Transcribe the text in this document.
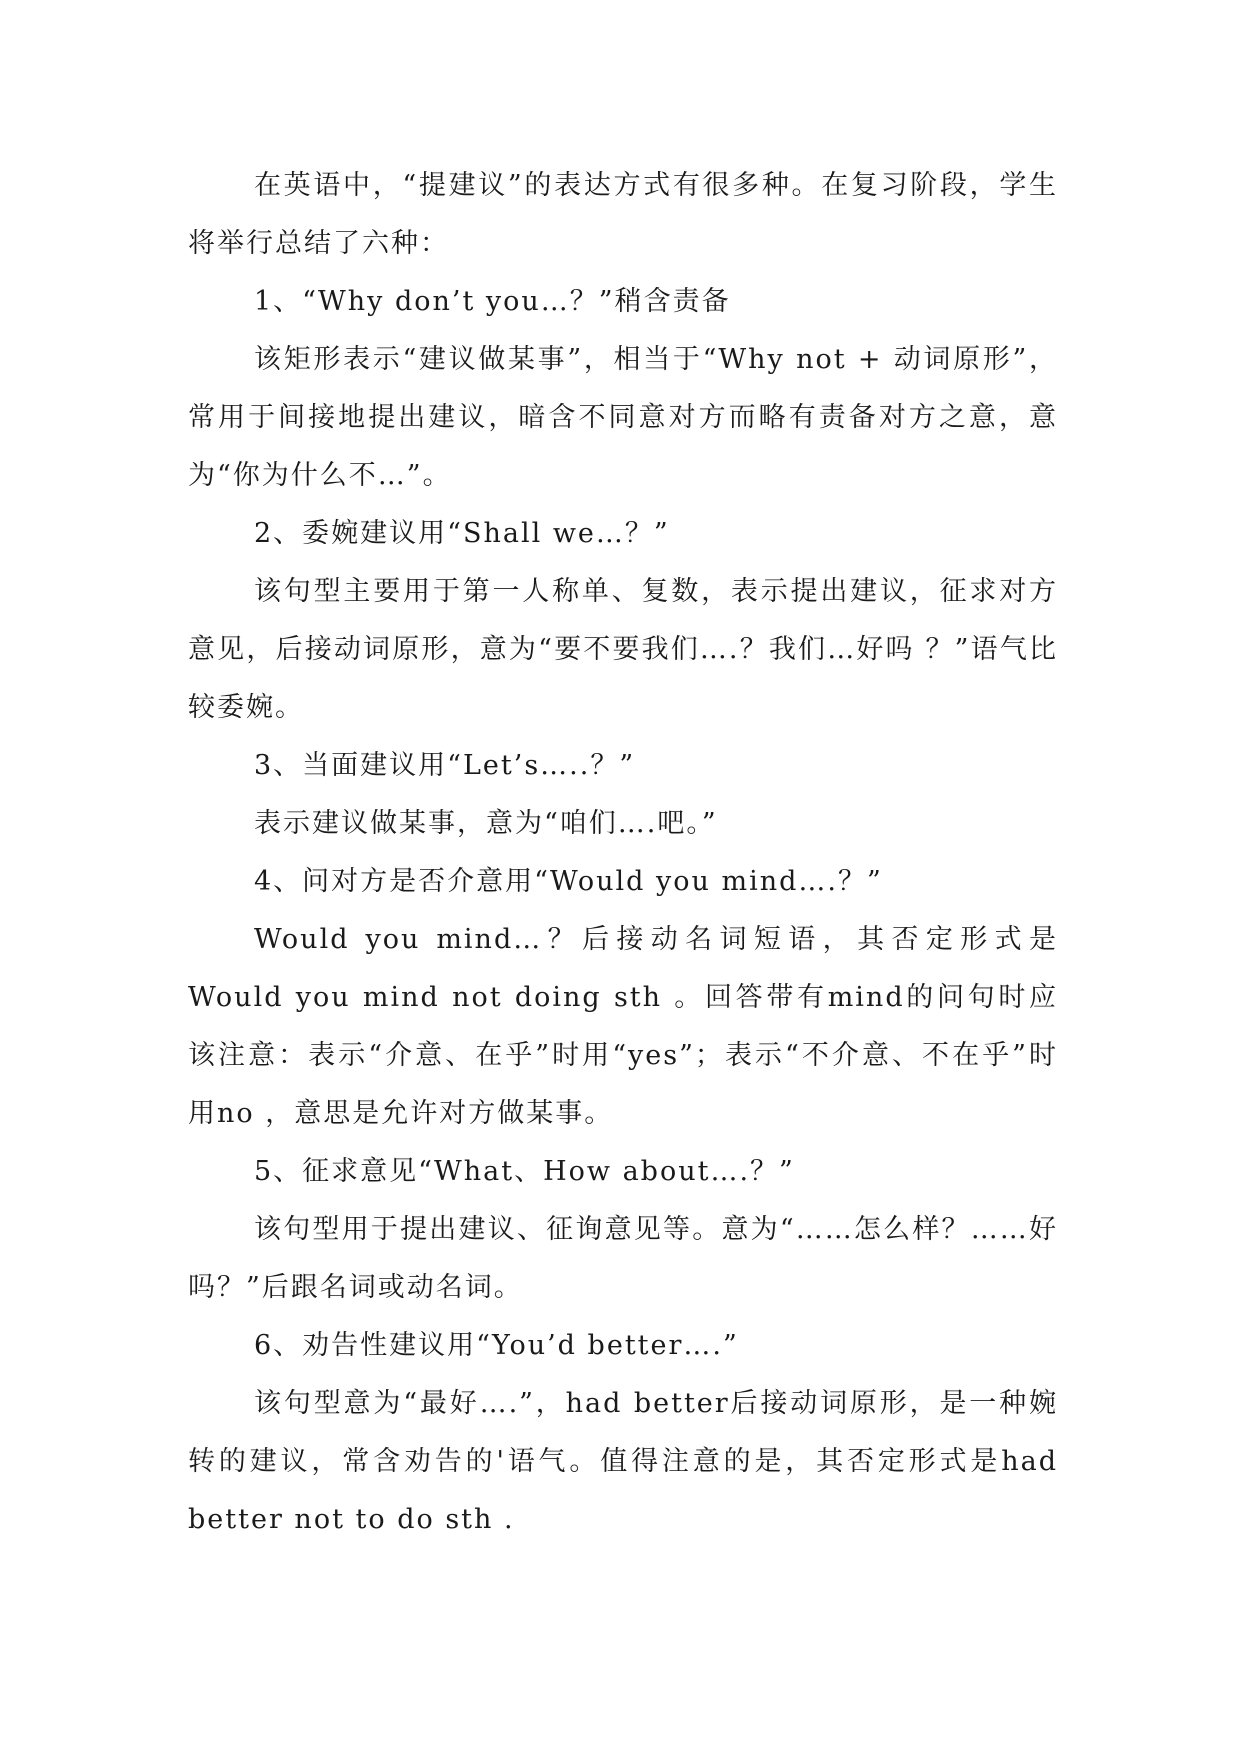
在英语中，“提建议”的表达方式有很多种。在复习阶段，学生将举行总结了六种：

1、“Why don’t you…？”稍含责备

该矩形表示“建议做某事”，相当于“Why not + 动词原形”，常用于间接地提出建议，暗含不同意对方而略有责备对方之意，意为“你为什么不…”。

2、委婉建议用“Shall we…？”

该句型主要用于第一人称单、复数，表示提出建议，征求对方意见，后接动词原形，意为“要不要我们….？我们…好吗 ？”语气比较委婉。

3、当面建议用“Let’s…..？”

表示建议做某事，意为“咱们….吧。”

4、问对方是否介意用“Would you mind….？”

Would you mind…？后接动名词短语，其否定形式是Would you mind not doing sth 。回答带有mind的问句时应该注意：表示“介意、在乎”时用“yes”；表示“不介意、不在乎”时用no ，意思是允许对方做某事。

5、征求意见“What、How about….？”

该句型用于提出建议、征询意见等。意为“……怎么样？……好吗？”后跟名词或动名词。

6、劝告性建议用“You’d better….”

该句型意为“最好….”，had better后接动词原形，是一种婉转的建议，常含劝告的'语气。值得注意的是，其否定形式是had better not to do sth .
